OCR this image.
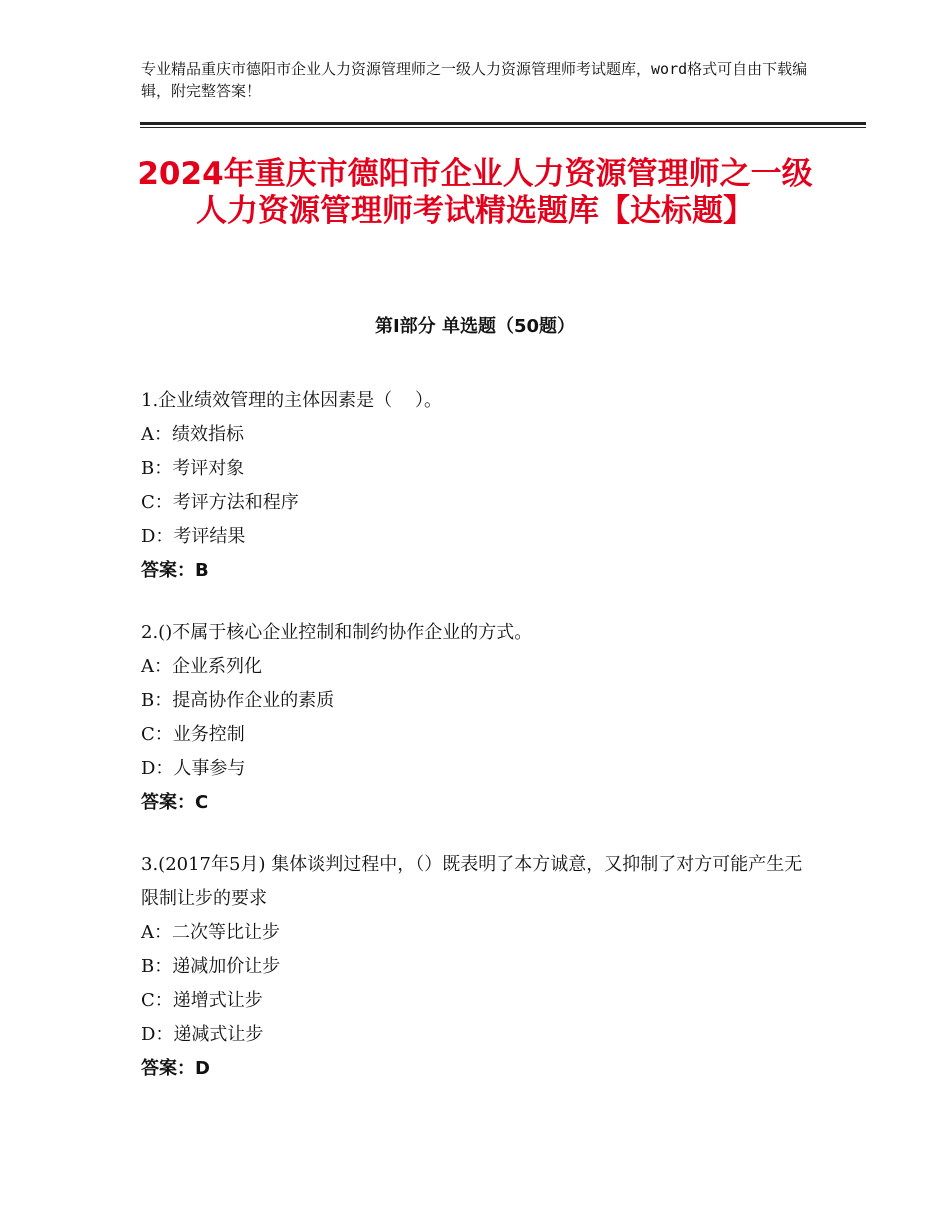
专业精品重庆市德阳市企业人力资源管理师之一级人力资源管理师考试题库，word格式可自由下载编辑，附完整答案！
2024年重庆市德阳市企业人力资源管理师之一级人力资源管理师考试精选题库【达标题】
第Ⅰ部分 单选题（50题）
1.企业绩效管理的主体因素是（    ）。
A：绩效指标
B：考评对象
C：考评方法和程序
D：考评结果
答案：B
2.()不属于核心企业控制和制约协作企业的方式。
A：企业系列化
B：提高协作企业的素质
C：业务控制
D：人事参与
答案：C
3.(2017年5月) 集体谈判过程中，（）既表明了本方诚意，又抑制了对方可能产生无限制让步的要求
A：二次等比让步
B：递减加价让步
C：递增式让步
D：递减式让步
答案：D
